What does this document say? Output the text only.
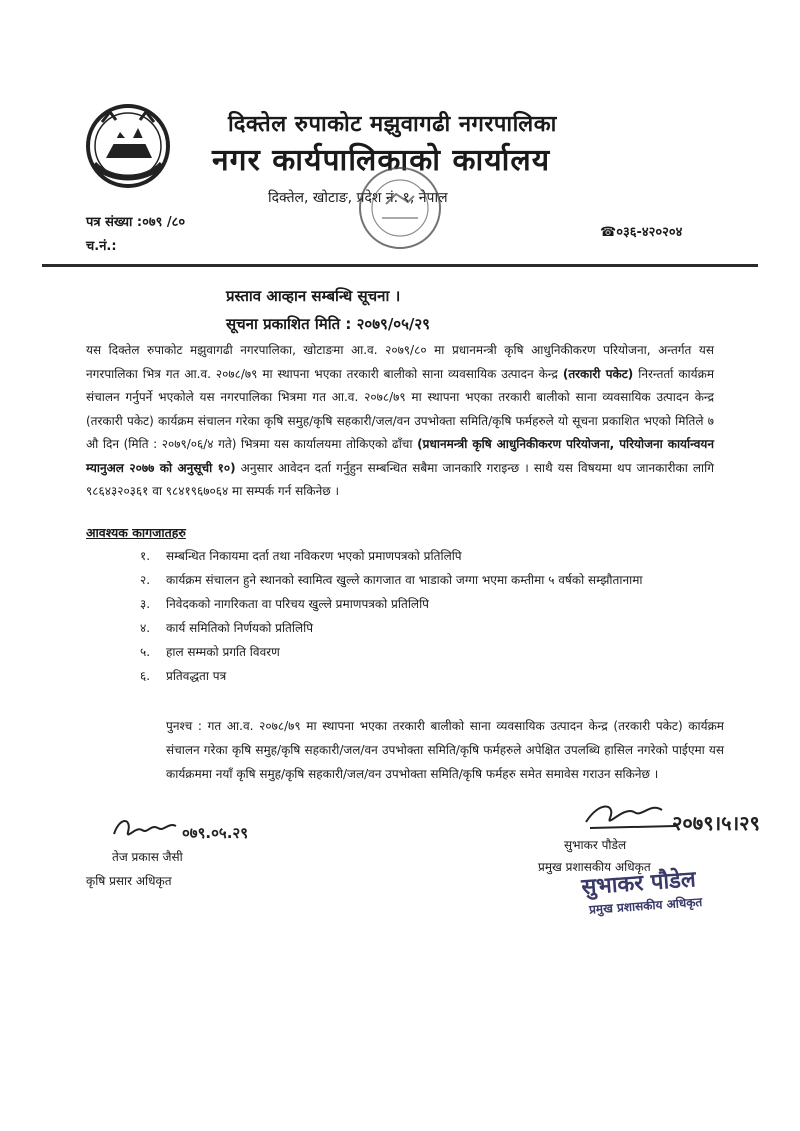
दिक्तेल रुपाकोट मझुवागढी नगरपालिका
नगर कार्यपालिकाको कार्यालय
दिक्तेल, खोटाङ, प्रदेश नं. १, नेपाल
पत्र संख्या :०७९ /८०
च.नं.:
☎०३६-४२०२०४
प्रस्ताव आव्हान सम्बन्धि सूचना ।
सूचना प्रकाशित मिति : २०७९/०५/२९
यस दिक्तेल रुपाकोट मझुवागढी नगरपालिका, खोटाङमा आ.व. २०७९/८० मा प्रधानमन्त्री कृषि आधुनिकीकरण परियोजना, अन्तर्गत यस नगरपालिका भित्र गत आ.व. २०७८/७९ मा स्थापना भएका तरकारी बालीको साना व्यवसायिक उत्पादन केन्द्र (तरकारी पकेट) निरन्तर्ता कार्यक्रम संचालन गर्नुपर्ने भएकोले यस नगरपालिका भित्रमा गत आ.व. २०७८/७९ मा स्थापना भएका तरकारी बालीको साना व्यवसायिक उत्पादन केन्द्र (तरकारी पकेट) कार्यक्रम संचालन गरेका कृषि समुह/कृषि सहकारी/जल/वन उपभोक्ता समिति/कृषि फर्महरुले यो सूचना प्रकाशित भएको मितिले ७ औ दिन (मिति : २०७९/०६/४ गते) भित्रमा यस कार्यालयमा तोकिएको ढाँचा (प्रधानमन्त्री कृषि आधुनिकीकरण परियोजना, परियोजना कार्यान्वयन म्यानुअल २०७७ को अनुसूची १०) अनुसार आवेदन दर्ता गर्नुहुन सम्बन्धित सबैमा जानकारि गराइन्छ । साथै यस विषयमा थप जानकारीका लागि ९८६४३२०३६१ वा ९८४१९६७०६४ मा सम्पर्क गर्न सकिनेछ ।
आवश्यक कागजातहरु
१.	सम्बन्धित निकायमा दर्ता तथा नविकरण भएको प्रमाणपत्रको प्रतिलिपि
२.	कार्यक्रम संचालन हुने स्थानको स्वामित्व खुल्ले कागजात वा भाडाको जग्गा भएमा कम्तीमा ५ वर्षको सम्झौतानामा
३.	निवेदकको नागरिकता वा परिचय खुल्ले प्रमाणपत्रको प्रतिलिपि
४.	कार्य समितिको निर्णयको प्रतिलिपि
५.	हाल सम्मको प्रगति विवरण
६.	प्रतिवद्धता पत्र
पुनश्च : गत आ.व. २०७८/७९ मा स्थापना भएका तरकारी बालीको साना व्यवसायिक उत्पादन केन्द्र (तरकारी पकेट) कार्यक्रम संचालन गरेका कृषि समुह/कृषि सहकारी/जल/वन उपभोक्ता समिति/कृषि फर्महरुले अपेक्षित उपलब्धि हासिल नगरेको पाईएमा यस कार्यक्रममा नयाँ कृषि समुह/कृषि सहकारी/जल/वन उपभोक्ता समिति/कृषि फर्महरु समेत समावेस गराउन सकिनेछ ।
०७९.०५.२९
तेज प्रकास जैसी
कृषि प्रसार अधिकृत
२०७९।५।२९
सुभाकर पौडेल
प्रमुख प्रशासकीय अधिकृत
सुभाकर पौडेल
प्रमुख प्रशासकीय अधिकृत
